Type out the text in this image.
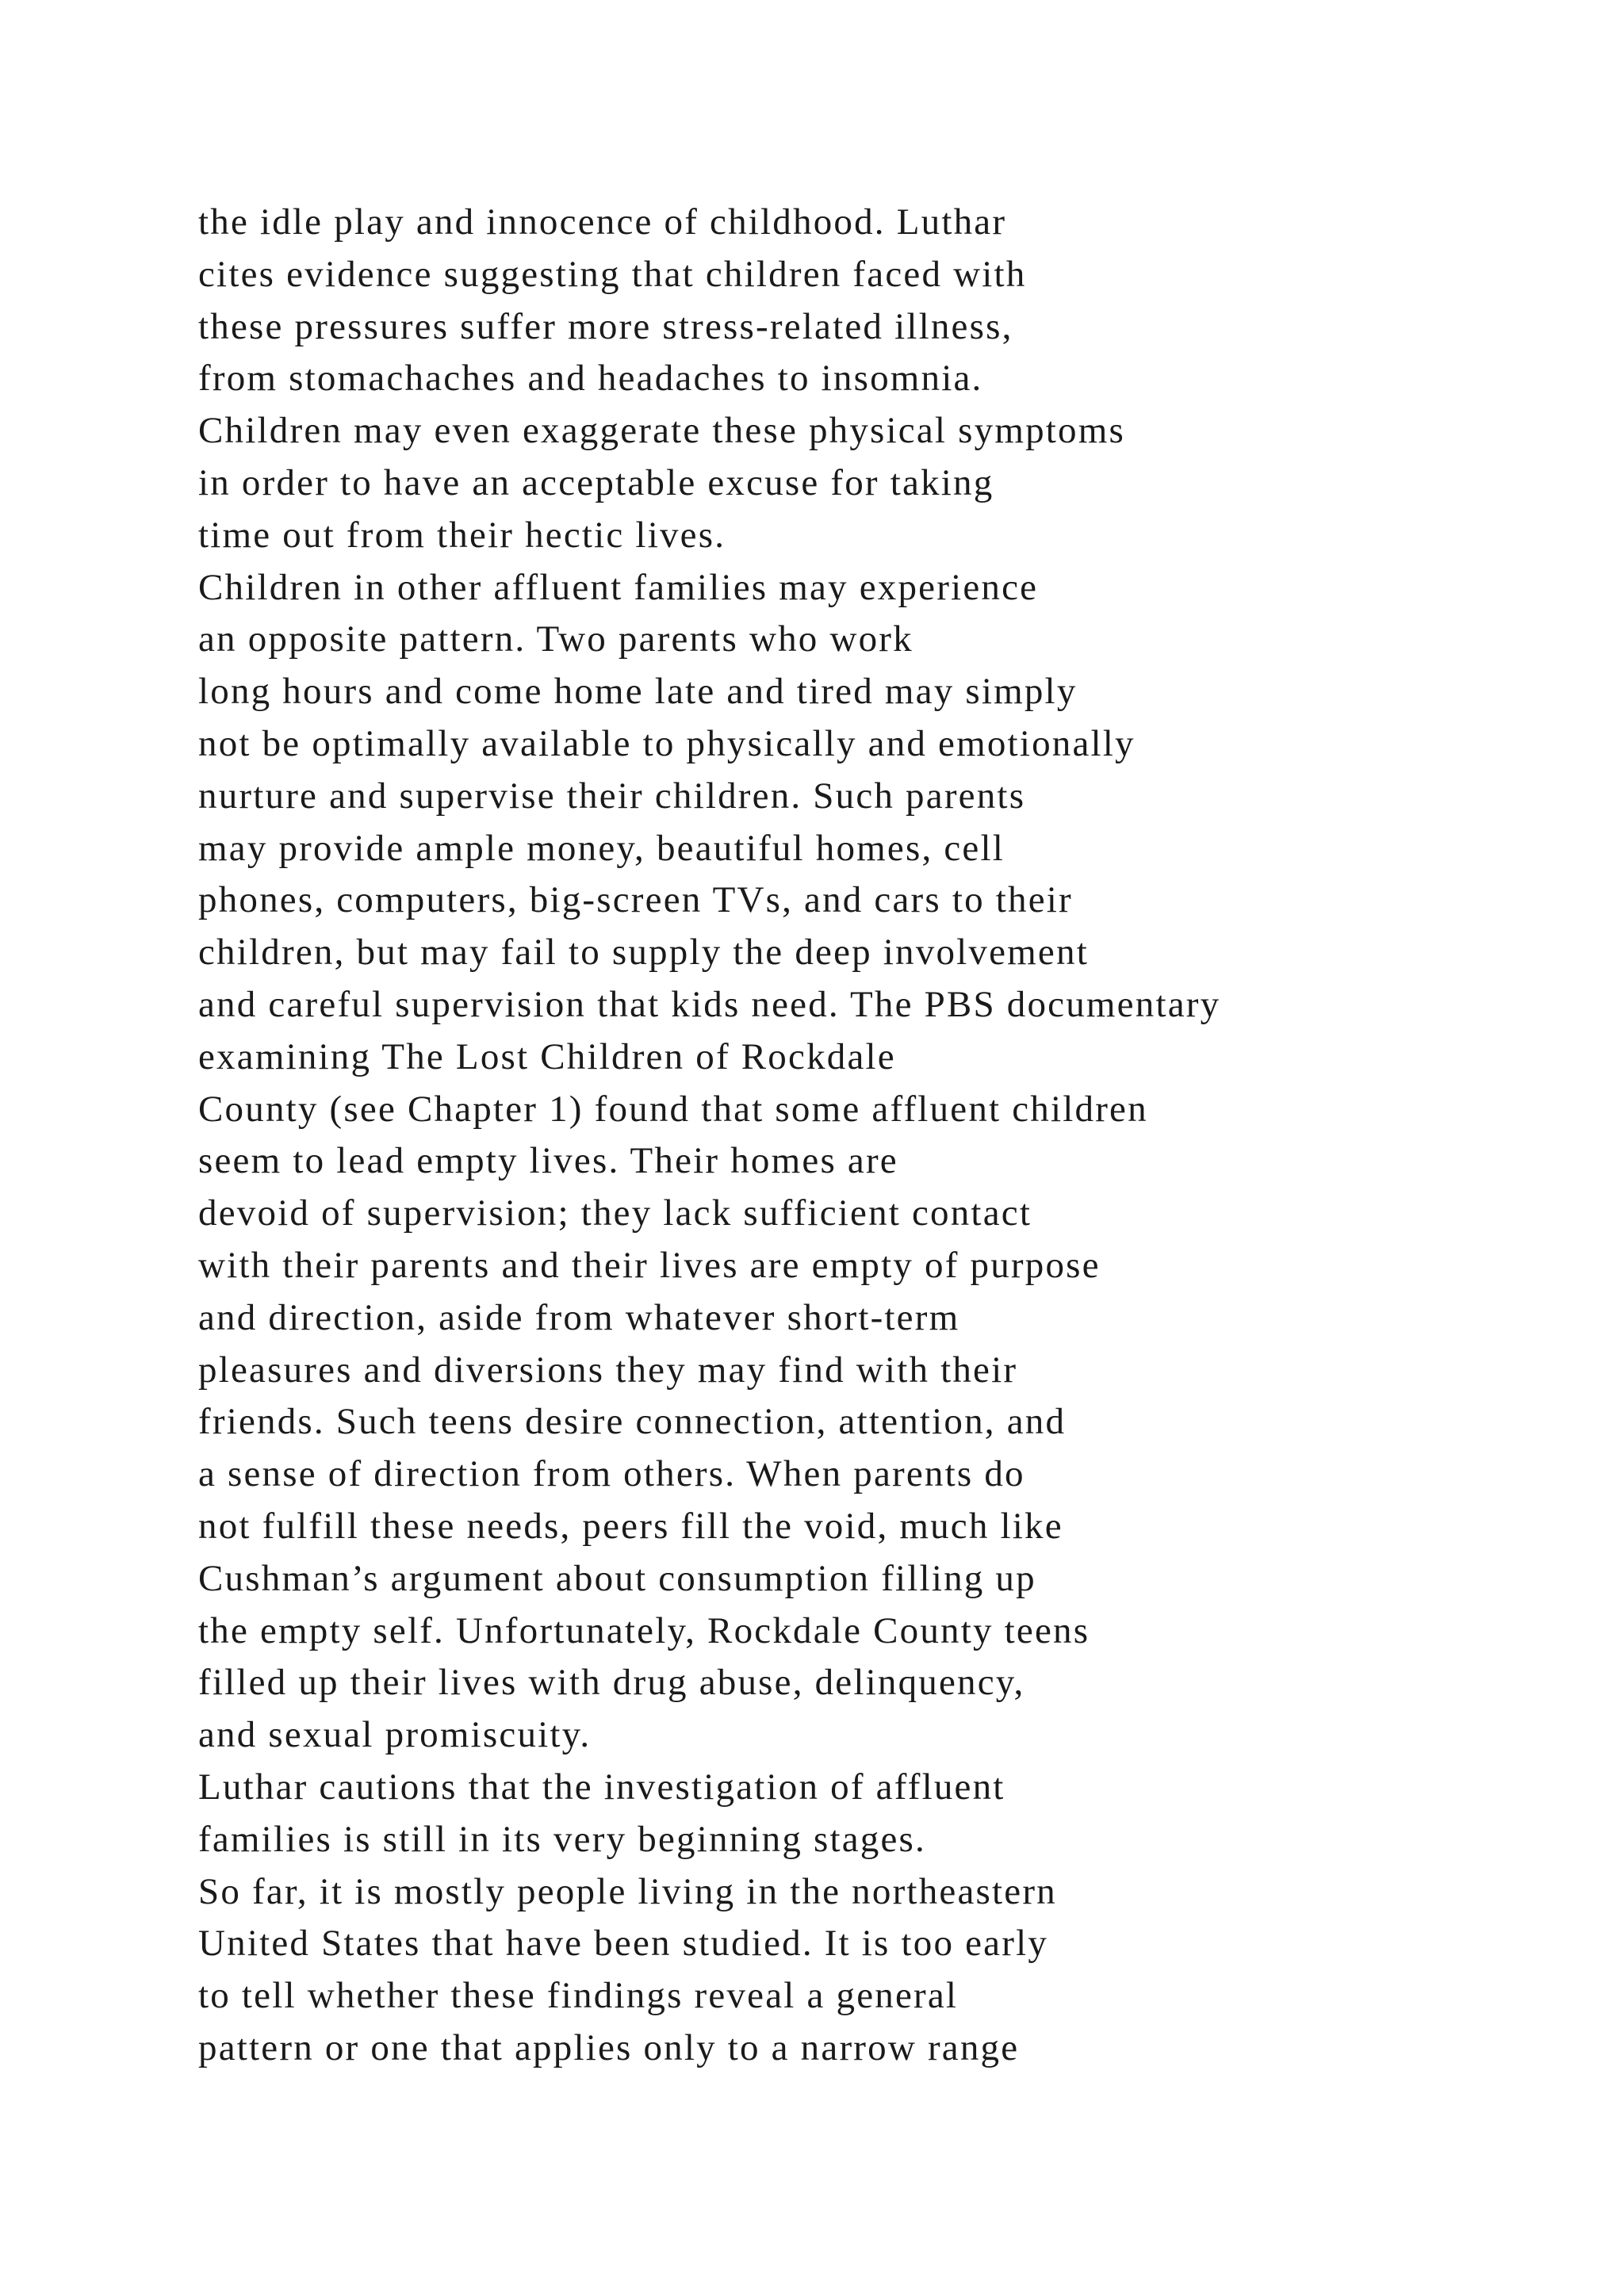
the idle play and innocence of childhood. Luthar
cites evidence suggesting that children faced with
these pressures suffer more stress-related illness,
from stomachaches and headaches to insomnia.
Children may even exaggerate these physical symptoms
in order to have an acceptable excuse for taking
time out from their hectic lives.
Children in other affluent families may experience
an opposite pattern. Two parents who work
long hours and come home late and tired may simply
not be optimally available to physically and emotionally
nurture and supervise their children. Such parents
may provide ample money, beautiful homes, cell
phones, computers, big-screen TVs, and cars to their
children, but may fail to supply the deep involvement
and careful supervision that kids need. The PBS documentary
examining The Lost Children of Rockdale
County (see Chapter 1) found that some affluent children
seem to lead empty lives. Their homes are
devoid of supervision; they lack sufficient contact
with their parents and their lives are empty of purpose
and direction, aside from whatever short-term
pleasures and diversions they may find with their
friends. Such teens desire connection, attention, and
a sense of direction from others. When parents do
not fulfill these needs, peers fill the void, much like
Cushman’s argument about consumption filling up
the empty self. Unfortunately, Rockdale County teens
filled up their lives with drug abuse, delinquency,
and sexual promiscuity.
Luthar cautions that the investigation of affluent
families is still in its very beginning stages.
So far, it is mostly people living in the northeastern
United States that have been studied. It is too early
to tell whether these findings reveal a general
pattern or one that applies only to a narrow range
